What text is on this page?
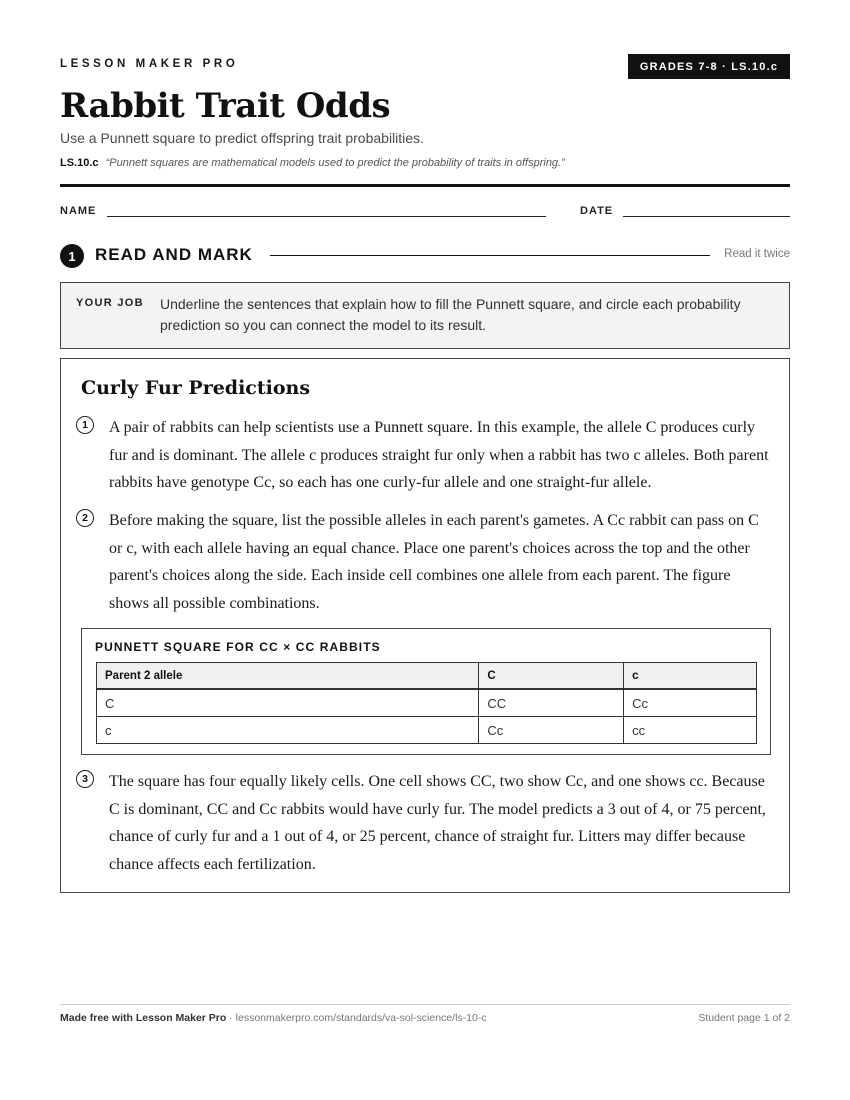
LESSON MAKER PRO	GRADES 7-8 · LS.10.c
Rabbit Trait Odds
Use a Punnett square to predict offspring trait probabilities.
LS.10.c “Punnett squares are mathematical models used to predict the probability of traits in offspring.”
NAME	DATE
1	READ AND MARK	Read it twice
YOUR JOB Underline the sentences that explain how to fill the Punnett square, and circle each probability prediction so you can connect the model to its result.
Curly Fur Predictions
1	A pair of rabbits can help scientists use a Punnett square. In this example, the allele C produces curly fur and is dominant. The allele c produces straight fur only when a rabbit has two c alleles. Both parent rabbits have genotype Cc, so each has one curly-fur allele and one straight-fur allele.

2	Before making the square, list the possible alleles in each parent's gametes. A Cc rabbit can pass on C or c, with each allele having an equal chance. Place one parent's choices across the top and the other parent's choices along the side. Each inside cell combines one allele from each parent. The figure shows all possible combinations.

PUNNETT SQUARE FOR CC × CC RABBITS
Parent 2 allele	C	c
C	CC	Cc
c	Cc	cc
3	The square has four equally likely cells. One cell shows CC, two show Cc, and one shows cc. Because C is dominant, CC and Cc rabbits would have curly fur. The model predicts a 3 out of 4, or 75 percent, chance of curly fur and a 1 out of 4, or 25 percent, chance of straight fur. Litters may differ because chance affects each fertilization.

Made free with Lesson Maker Pro · lessonmakerpro.com/standards/va-sol-science/ls-10-c	Student page 1 of 2
